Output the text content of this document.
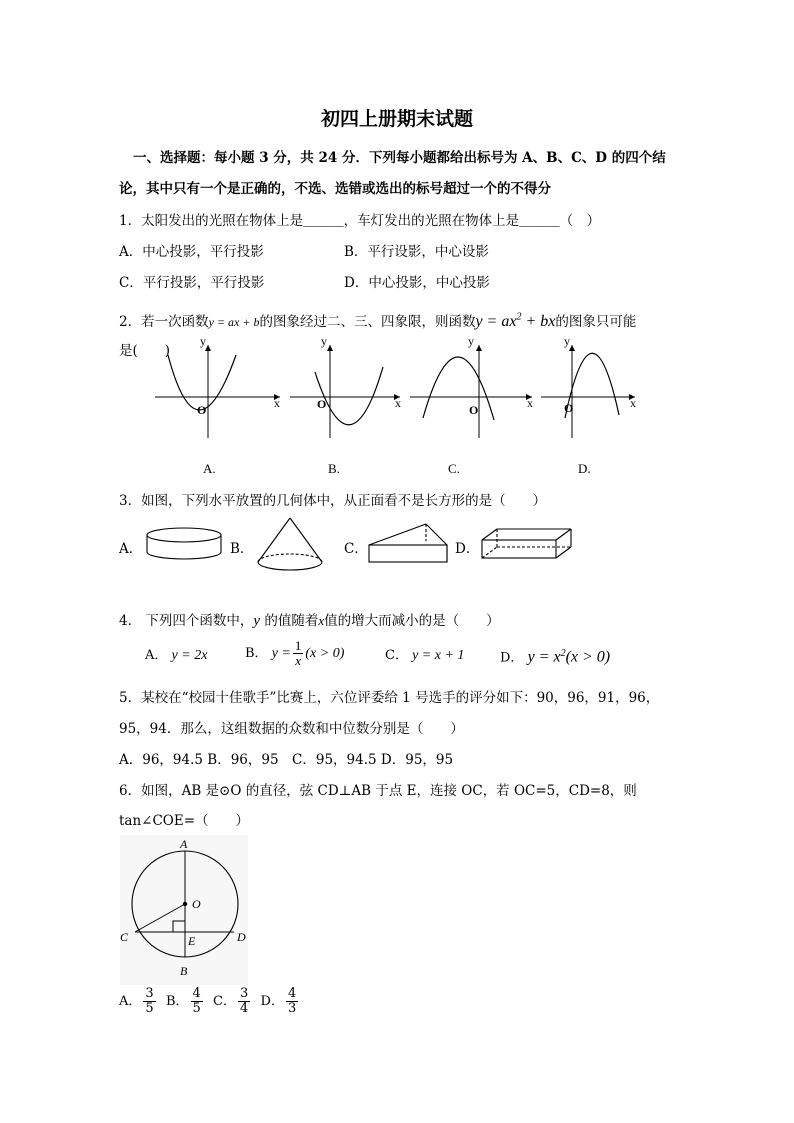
初四上册期末试题
一、选择题：每小题 3 分，共 24 分．下列每小题都给出标号为 A、B、C、D 的四个结
论，其中只有一个是正确的，不选、选错或选出的标号超过一个的不得分
1．太阳发出的光照在物体上是＿＿＿，车灯发出的光照在物体上是＿＿＿（　）
A．中心投影，平行投影	B．平行设影，中心设影
C．平行投影，平行投影	D．中心投影，中心投影
2．若一次函数y = ax + b的图象经过二、三、四象限，则函数$y = ax^2$ + bx的图象只可能
是(　　)
y
x
O
y
x
O
y
x
O
y
x
O
A.	B.	C.	D.
A
O
C	E	D
B
3．如图，下列水平放置的几何体中，从正面看不是长方形的是（　　）
A．	B．	C．	D．
4． 下列四个函数中，y 的值随着x值的增大而减小的是（　　）
A． y = 2x	B． $y = \frac{1}{x} (x > 0)$	C． y = x + 1	D． $y = x^2(x > 0)$
5．某校在“校园十佳歌手”比赛上，六位评委给 1 号选手的评分如下：90，96，91，96，
95，94．那么，这组数据的众数和中位数分别是（　　）
A．96，94.5 B．96，95　C．95，94.5 D．95，95
6．如图，AB 是⊙O 的直径，弦 CD⊥AB 于点 E，连接 OC，若 OC=5，CD=8，则
tan∠COE=（　　）
A． $\frac{3}{5}$ B． $\frac{4}{5}$ C． $\frac{3}{4}$ D． $\frac{4}{3}$
